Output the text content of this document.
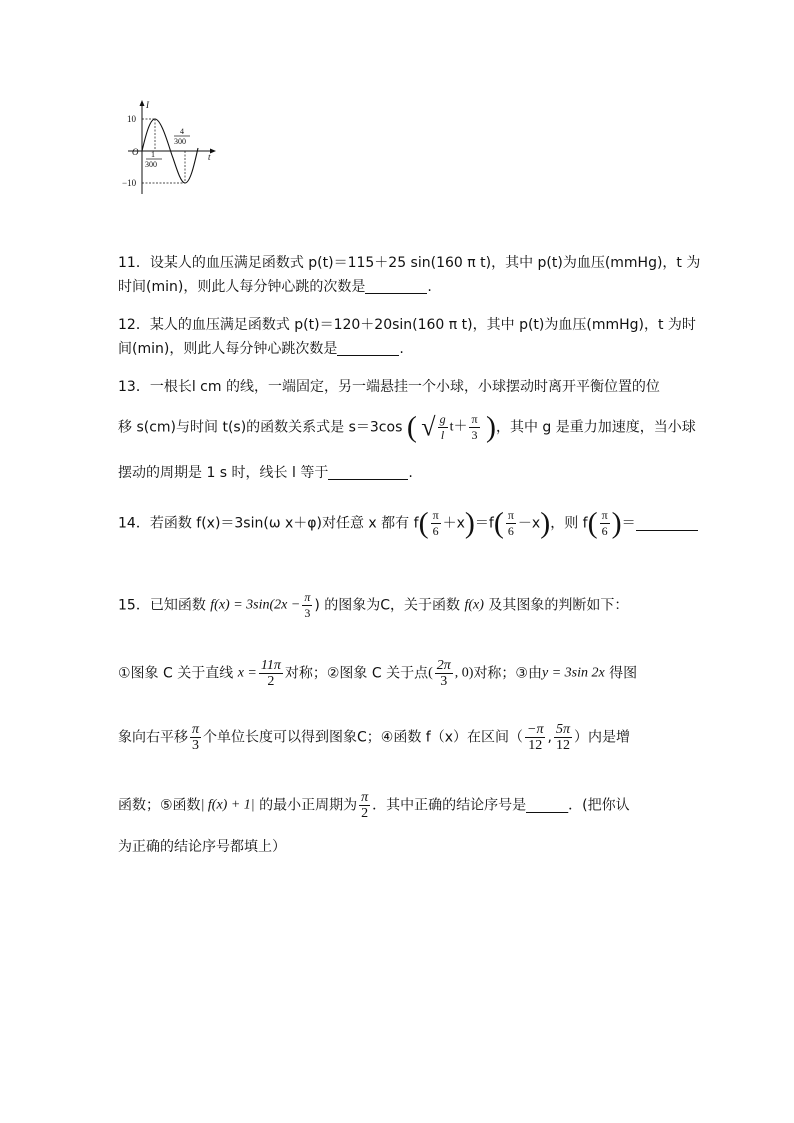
I
t
O
10
−10
1
300
4
300
11．设某人的血压满足函数式 p(t)＝115＋25 sin(160 π t)，其中 p(t)为血压(mmHg)，t 为
时间(min)，则此人每分钟心跳的次数是	.
12．某人的血压满足函数式 p(t)＝120＋20sin(160 π t)，其中 p(t)为血压(mmHg)，t 为时
间(min)，则此人每分钟心跳次数是	.
13．一根长l cm 的线，一端固定，另一端悬挂一个小球，小球摆动时离开平衡位置的位
移 s(cm)与时间 t(s)的函数关系式是 s＝3cos ( √ $\frac{g}{l} t+ \frac{\pi}{3}$ )，其中 g 是重力加速度，当小球
摆动的周期是 1 s 时，线长 l 等于	.
14．若函数 f(x)＝3sin(ω x＋φ)对任意 x 都有 $f( \frac{\pi}{6} +x)=f( \frac{\pi}{6} -x)$，则 $f( \frac{\pi}{6}$ )＝
15．已知函数 $f(x) = 3\sin(2x - \frac{\pi}{3}$ ) 的图象为C，关于函数 f(x) 及其图象的判断如下：
①图象 C 关于直线 $x = \frac{11\pi}{2}$ 对称；②图象 C 关于点( $\frac{2\pi}{3}$ , 0)对称；③由y = 3sin 2x 得图
象向右平移 $\frac{\pi}{3}$ 个单位长度可以得到图象C；④函数 f（x）在区间（ $\frac{-\pi}{12}$ , $\frac{5\pi}{12}$ ）内是增
函数；⑤函数| f(x) + 1| 的最小正周期为 $\frac{\pi}{2}$ ．其中正确的结论序号是______．(把你认
为正确的结论序号都填上）
